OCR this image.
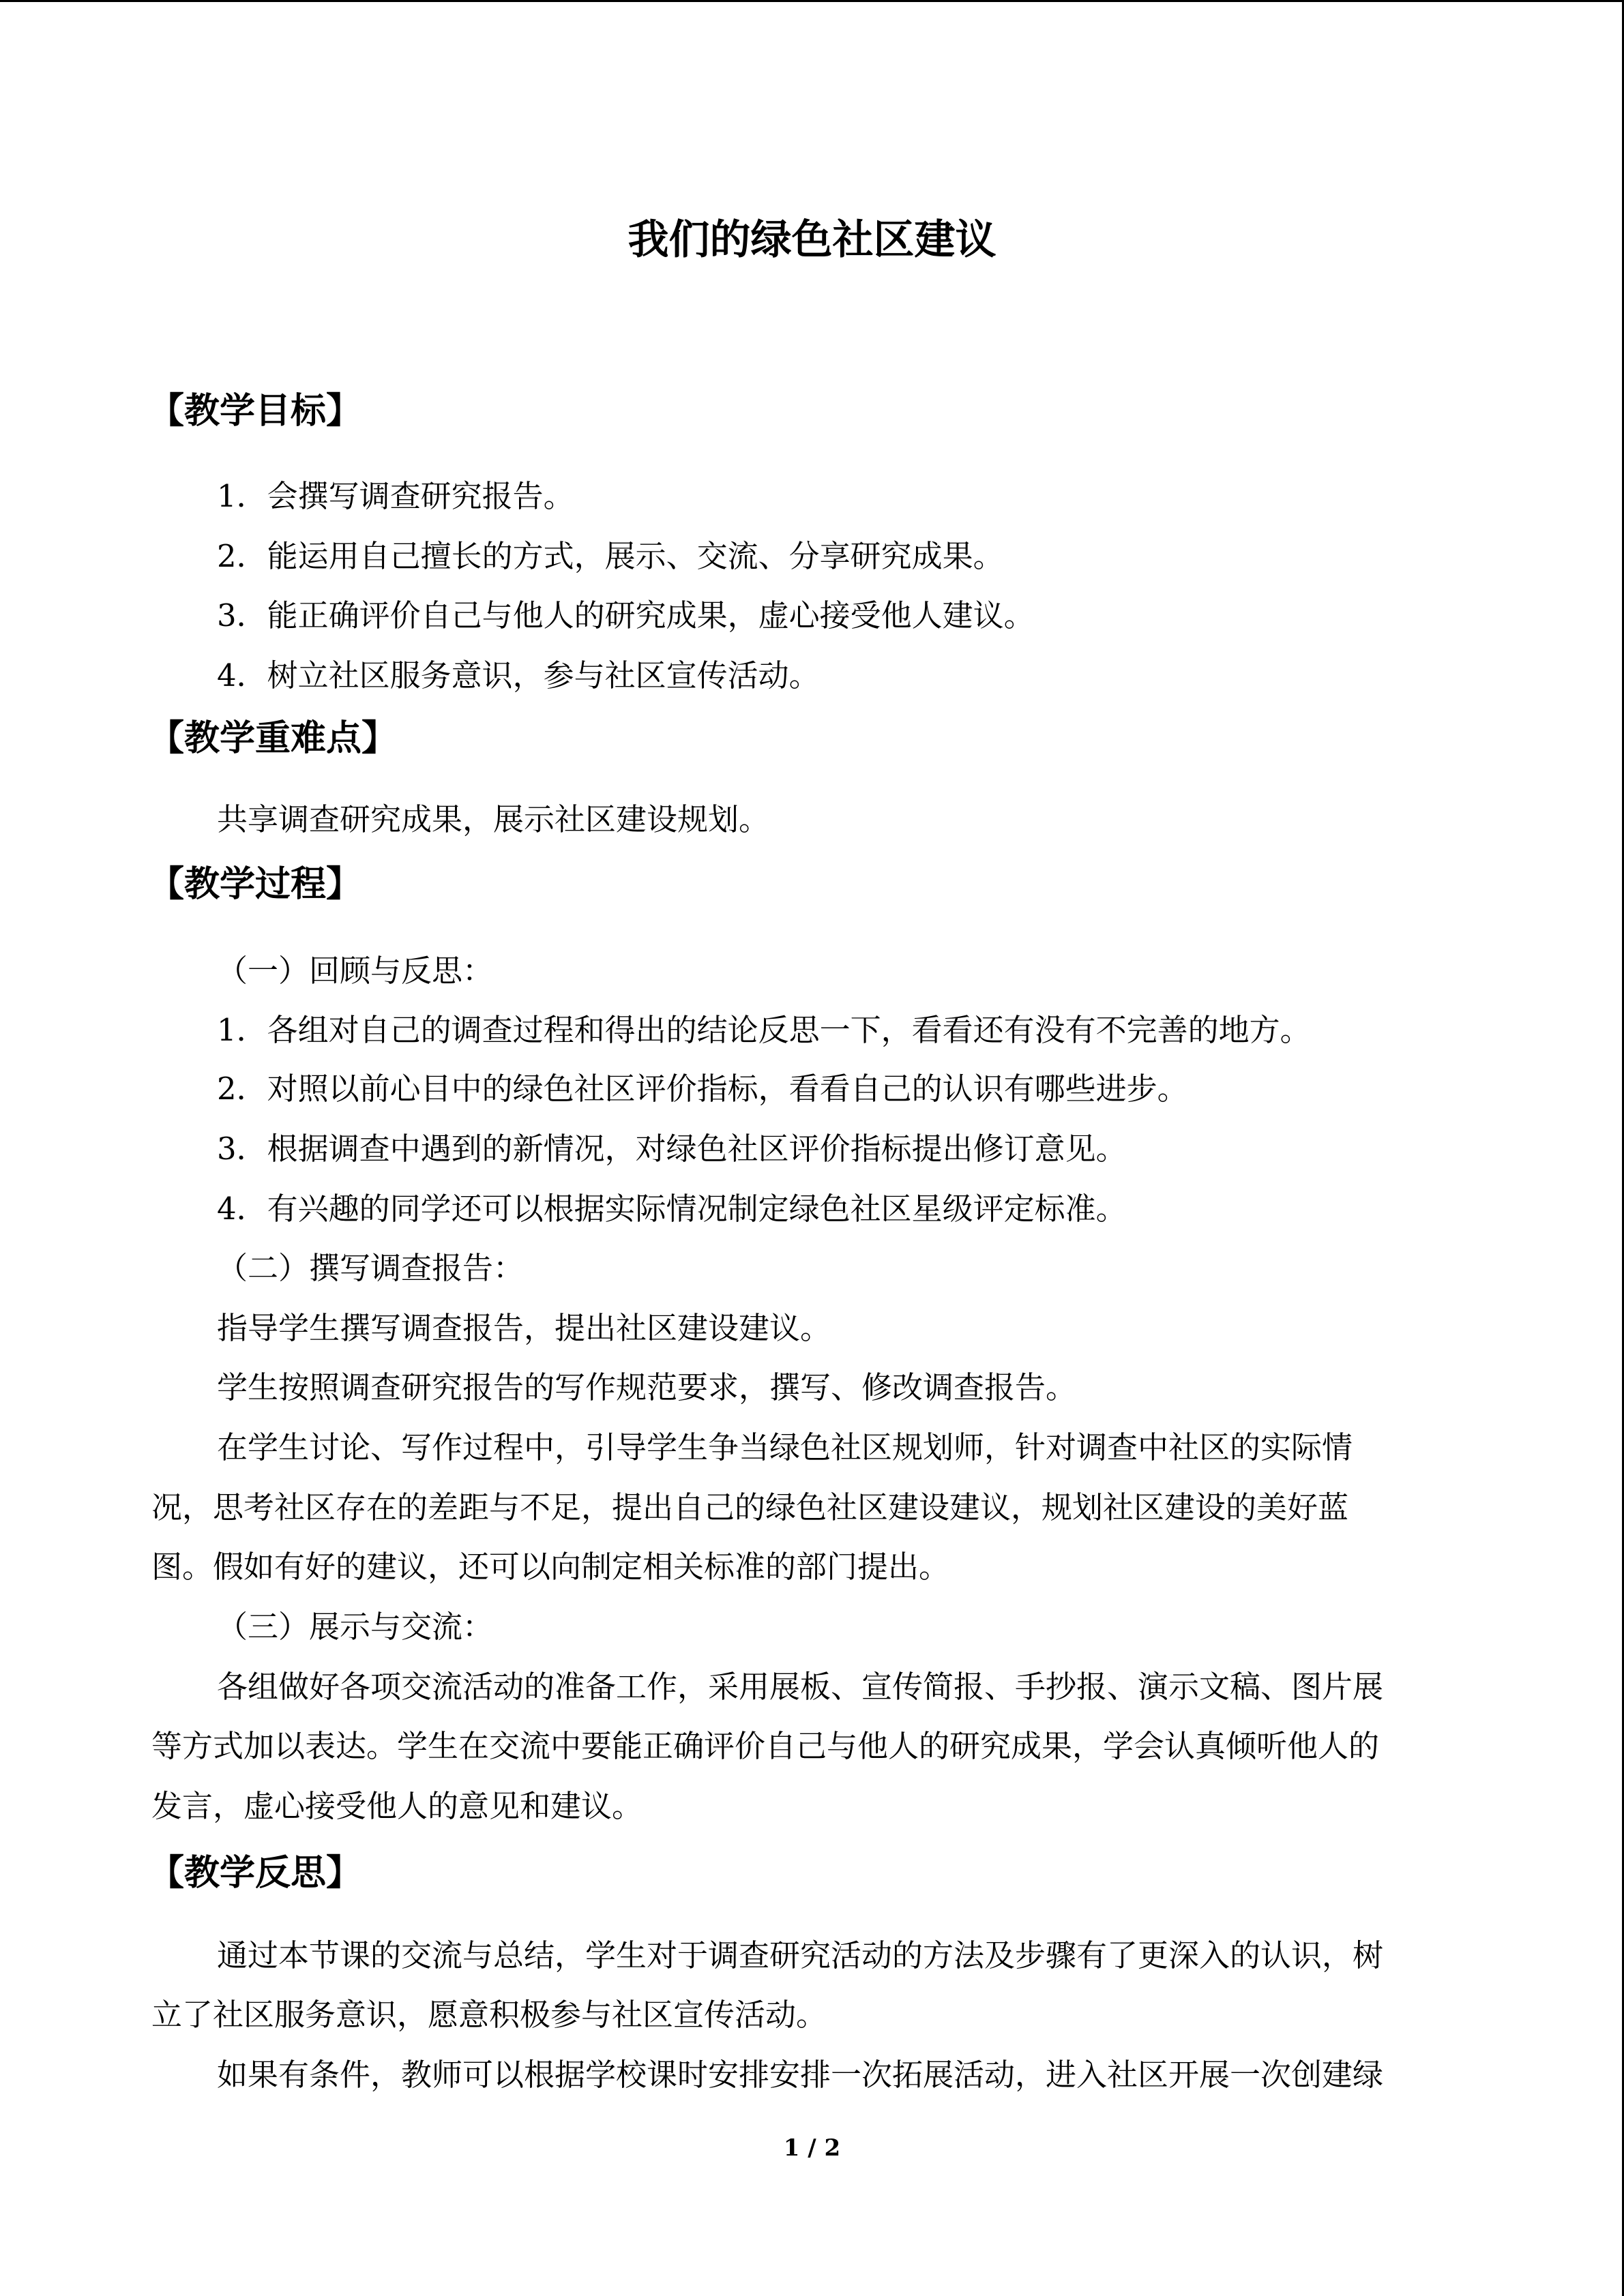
我们的绿色社区建议
【教学目标】
1．会撰写调查研究报告。
2．能运用自己擅长的方式，展示、交流、分享研究成果。
3．能正确评价自己与他人的研究成果，虚心接受他人建议。
4．树立社区服务意识，参与社区宣传活动。
【教学重难点】
共享调查研究成果，展示社区建设规划。
【教学过程】
（一）回顾与反思：
1．各组对自己的调查过程和得出的结论反思一下，看看还有没有不完善的地方。
2．对照以前心目中的绿色社区评价指标，看看自己的认识有哪些进步。
3．根据调查中遇到的新情况，对绿色社区评价指标提出修订意见。
4．有兴趣的同学还可以根据实际情况制定绿色社区星级评定标准。
（二）撰写调查报告：
指导学生撰写调查报告，提出社区建设建议。
学生按照调查研究报告的写作规范要求，撰写、修改调查报告。
在学生讨论、写作过程中，引导学生争当绿色社区规划师，针对调查中社区的实际情
况，思考社区存在的差距与不足，提出自己的绿色社区建设建议，规划社区建设的美好蓝
图。假如有好的建议，还可以向制定相关标准的部门提出。
（三）展示与交流：
各组做好各项交流活动的准备工作，采用展板、宣传简报、手抄报、演示文稿、图片展
等方式加以表达。学生在交流中要能正确评价自己与他人的研究成果，学会认真倾听他人的
发言，虚心接受他人的意见和建议。
【教学反思】
通过本节课的交流与总结，学生对于调查研究活动的方法及步骤有了更深入的认识，树
立了社区服务意识，愿意积极参与社区宣传活动。
如果有条件，教师可以根据学校课时安排安排一次拓展活动，进入社区开展一次创建绿
1 / 2
